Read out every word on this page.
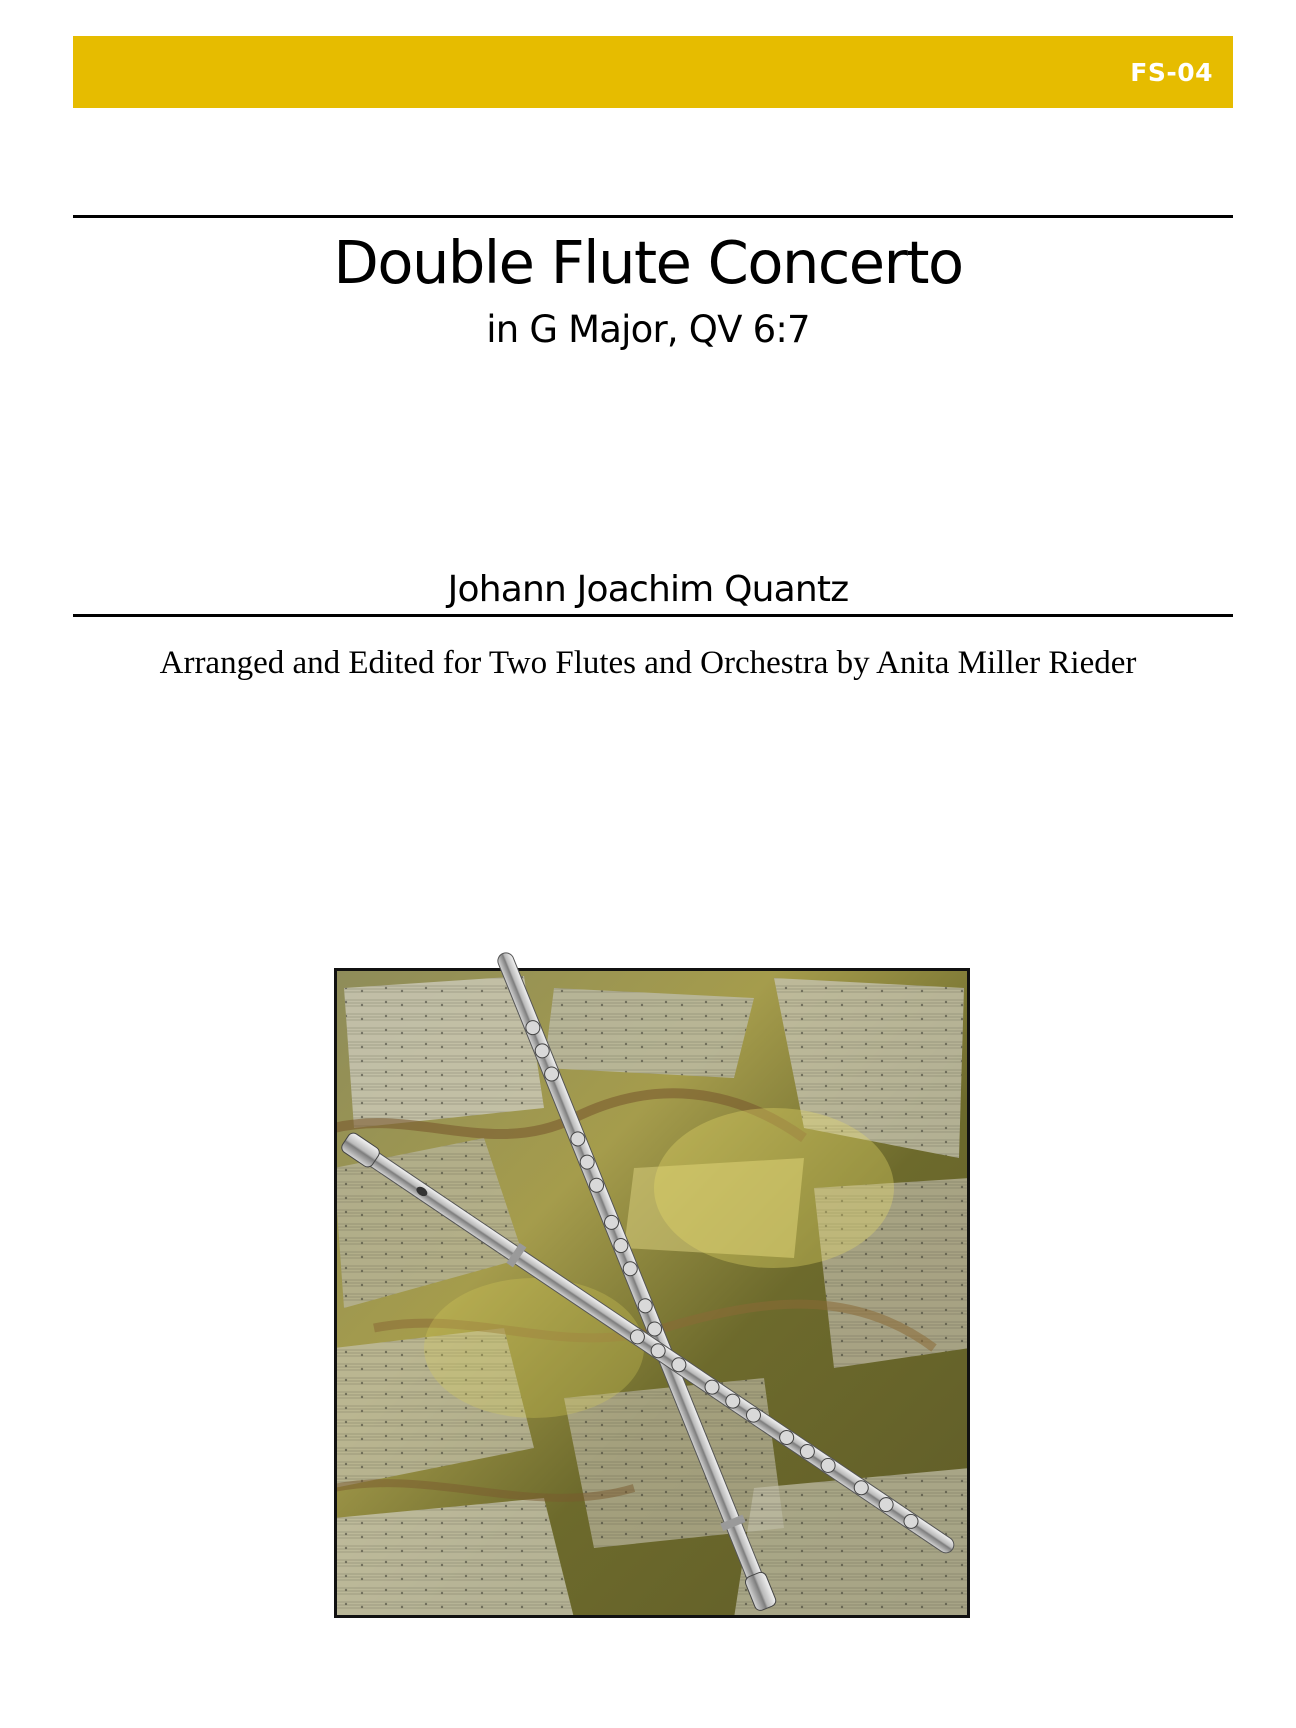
FS-04
Double Flute Concerto
in G Major, QV 6:7
Johann Joachim Quantz
Arranged and Edited for Two Flutes and Orchestra by Anita Miller Rieder
